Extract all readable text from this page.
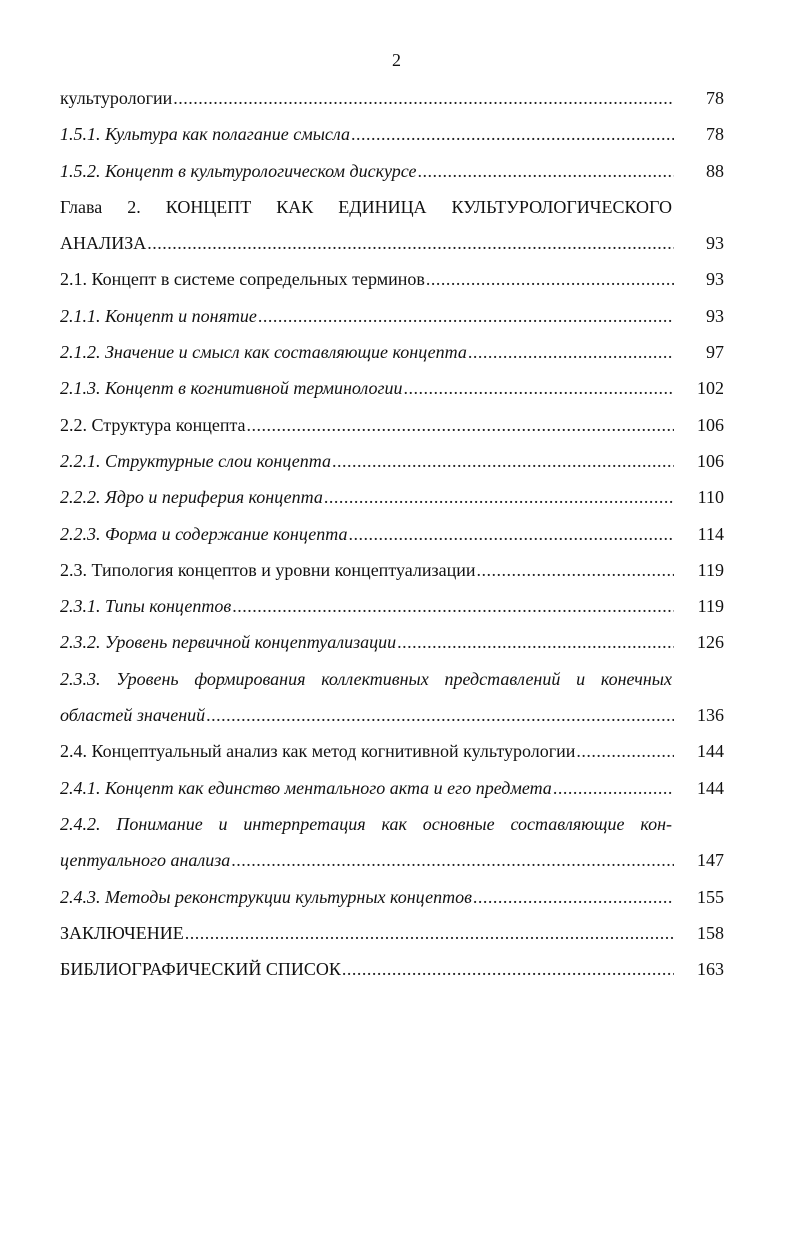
2
культурологии .....	78
1.5.1. Культура как полагание смысла .....	78
1.5.2. Концепт в культурологическом дискурсе .....	88
Глава 2. КОНЦЕПТ КАК ЕДИНИЦА КУЛЬТУРОЛОГИЧЕСКОГО
АНАЛИЗА .....	93
2.1. Концепт в системе сопредельных терминов .....	93
2.1.1. Концепт и понятие .....	93
2.1.2. Значение и смысл как составляющие концепта .....	97
2.1.3. Концепт в когнитивной терминологии .....	102
2.2. Структура концепта .....	106
2.2.1. Структурные слои концепта .....	106
2.2.2. Ядро и периферия концепта .....	110
2.2.3. Форма и содержание концепта .....	114
2.3. Типология концептов и уровни концептуализации .....	119
2.3.1. Типы концептов .....	119
2.3.2. Уровень первичной концептуализации .....	126
2.3.3. Уровень формирования коллективных представлений и конечных
областей значений .....	136
2.4. Концептуальный анализ как метод когнитивной культурологии .....	144
2.4.1. Концепт как единство ментального акта и его предмета .....	144
2.4.2. Понимание и интерпретация как основные составляющие кон-
цептуального анализа .....	147
2.4.3. Методы реконструкции культурных концептов .....	155
ЗАКЛЮЧЕНИЕ .....	158
БИБЛИОГРАФИЧЕСКИЙ СПИСОК .....	163
